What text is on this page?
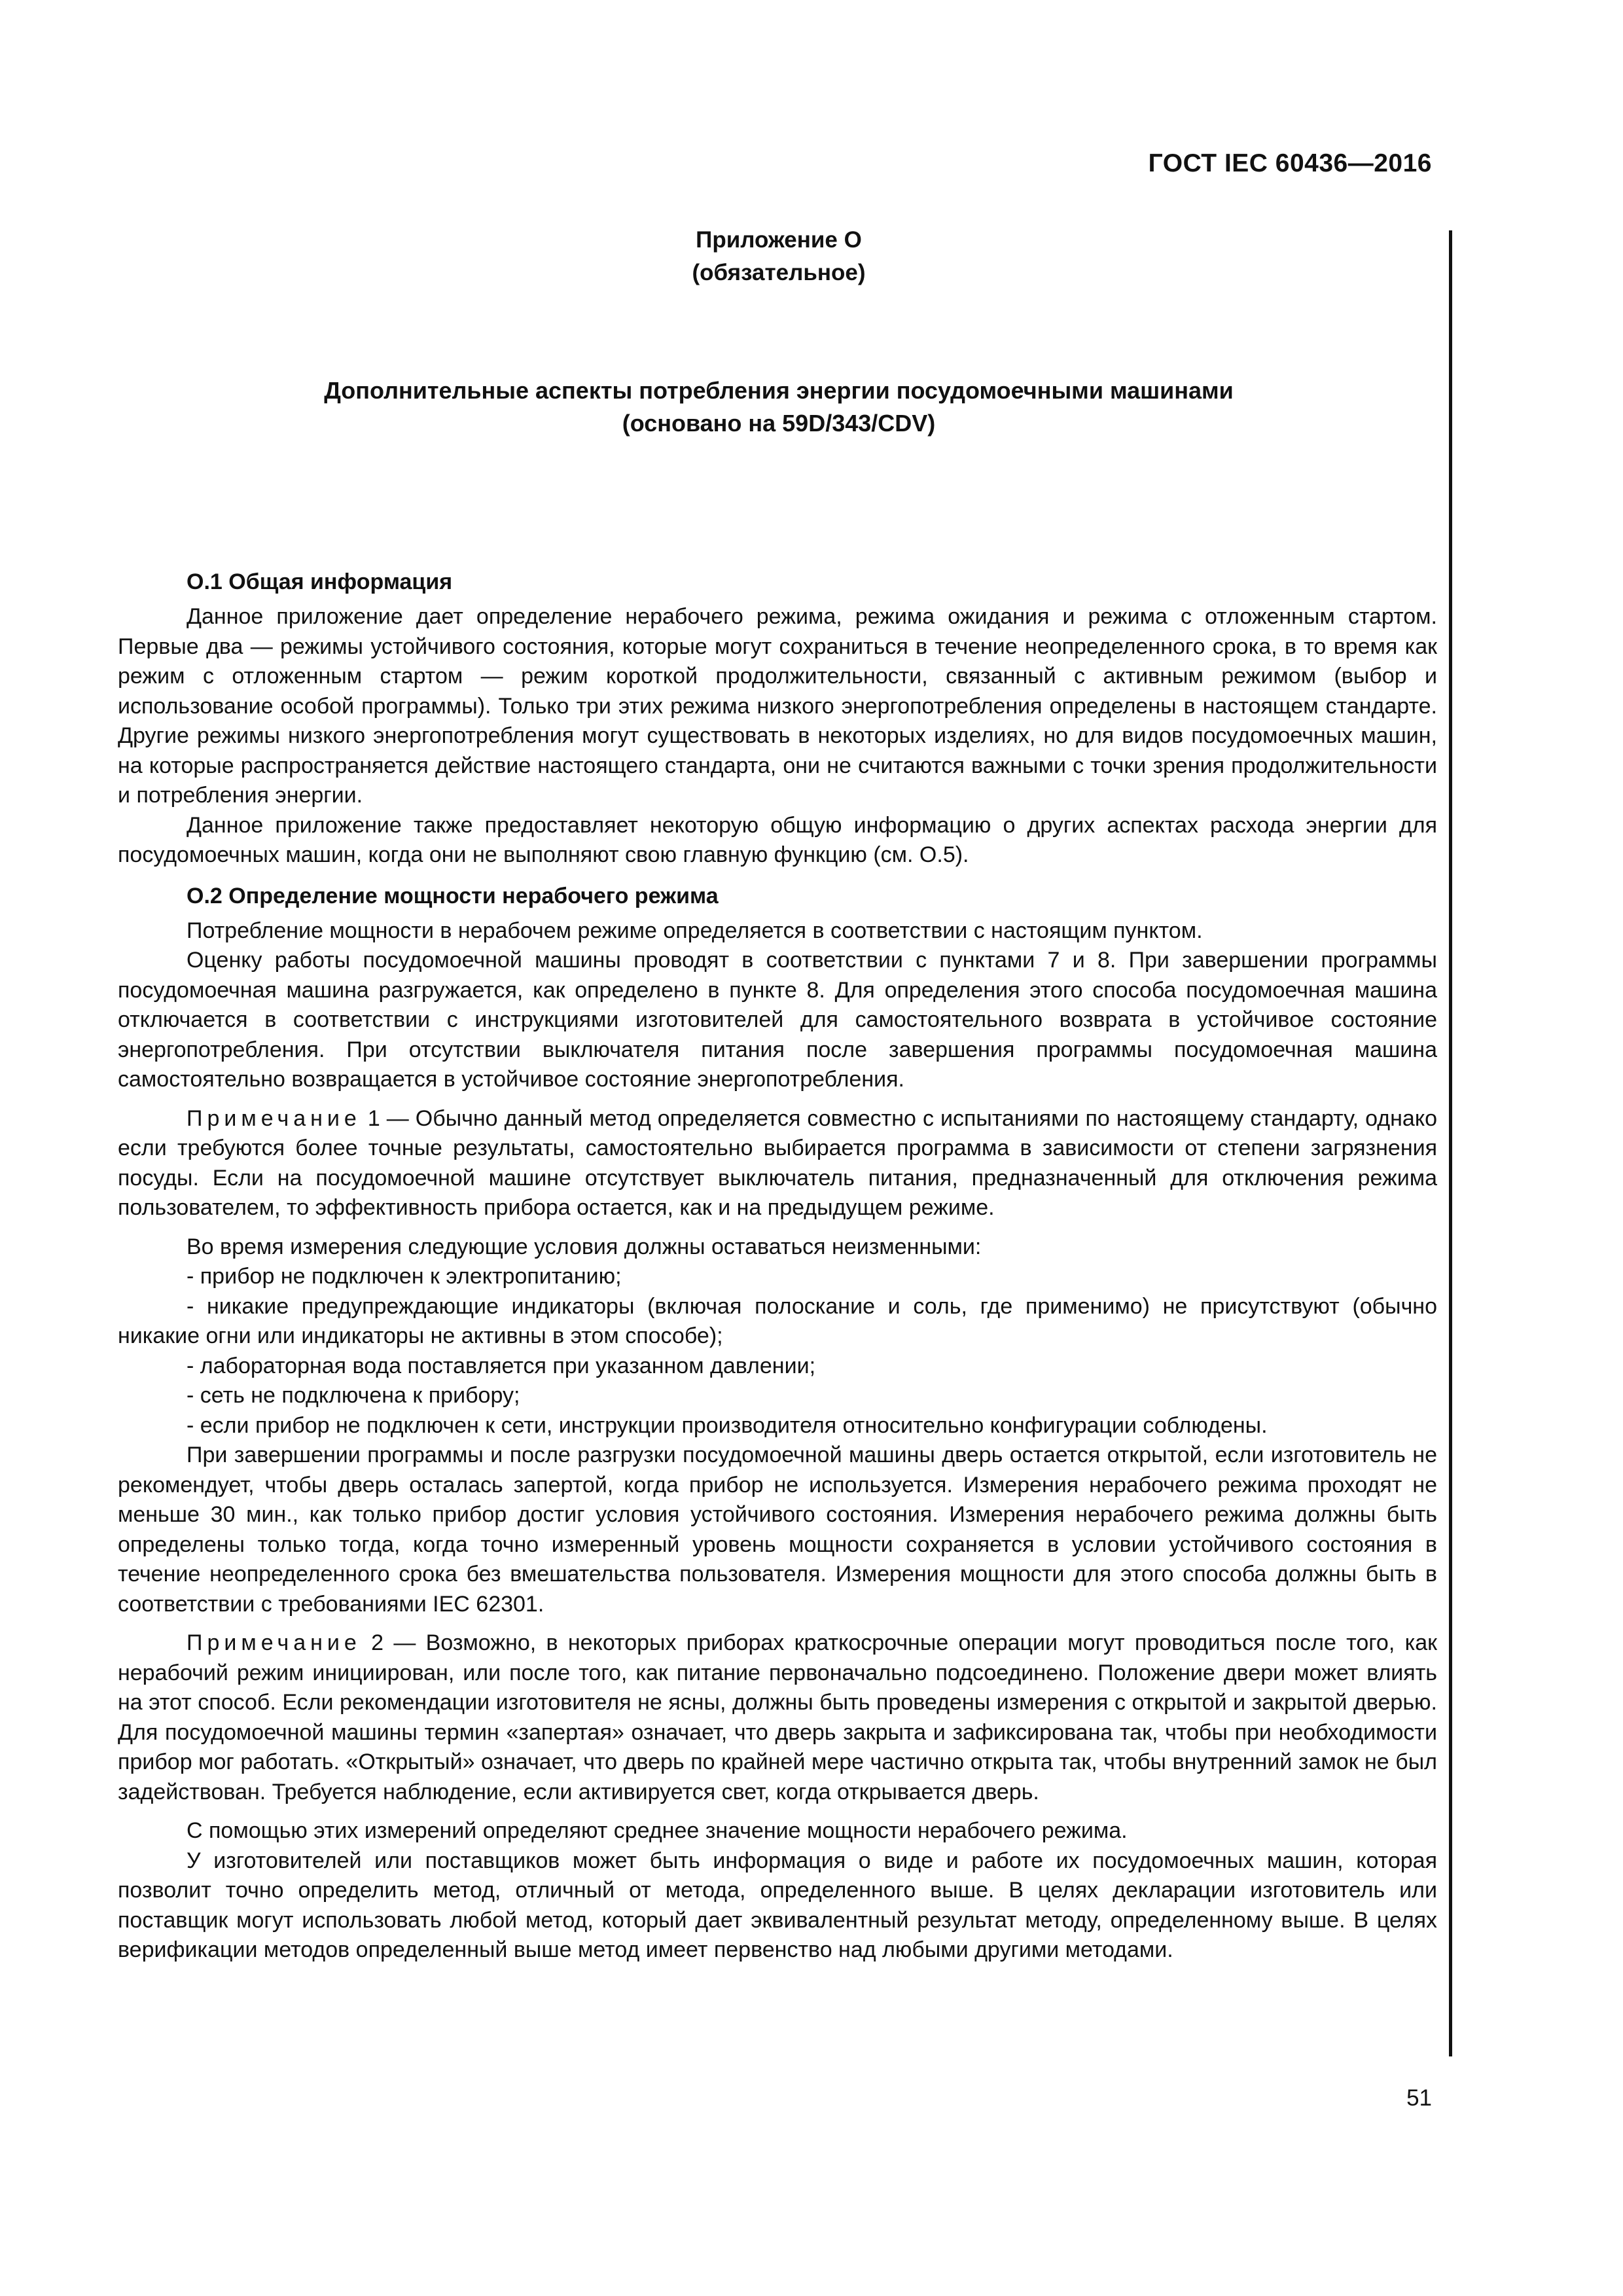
ГОСТ IEC 60436—2016
Приложение О
(обязательное)
Дополнительные аспекты потребления энергии посудомоечными машинами
(основано на 59D/343/CDV)
О.1 Общая информация

Данное приложение дает определение нерабочего режима, режима ожидания и режима с отложенным стартом. Первые два — режимы устойчивого состояния, которые могут сохраниться в течение неопределенного срока, в то время как режим с отложенным стартом — режим короткой продолжительности, связанный с активным режимом (выбор и использование особой программы). Только три этих режима низкого энергопотребления определены в настоящем стандарте. Другие режимы низкого энергопотребления могут существовать в некоторых изделиях, но для видов посудомоечных машин, на которые распространяется действие настоящего стандарта, они не считаются важными с точки зрения продолжительности и потребления энергии.

Данное приложение также предоставляет некоторую общую информацию о других аспектах расхода энергии для посудомоечных машин, когда они не выполняют свою главную функцию (см. О.5).

О.2 Определение мощности нерабочего режима

Потребление мощности в нерабочем режиме определяется в соответствии с настоящим пунктом.

Оценку работы посудомоечной машины проводят в соответствии с пунктами 7 и 8. При завершении программы посудомоечная машина разгружается, как определено в пункте 8. Для определения этого способа посудомоечная машина отключается в соответствии с инструкциями изготовителей для самостоятельного возврата в устойчивое состояние энергопотребления. При отсутствии выключателя питания после завершения программы посудомоечная машина самостоятельно возвращается в устойчивое состояние энергопотребления.

Примечание 1 — Обычно данный метод определяется совместно с испытаниями по настоящему стандарту, однако если требуются более точные результаты, самостоятельно выбирается программа в зависимости от степени загрязнения посуды. Если на посудомоечной машине отсутствует выключатель питания, предназначенный для отключения режима пользователем, то эффективность прибора остается, как и на предыдущем режиме.

Во время измерения следующие условия должны оставаться неизменными:

- прибор не подключен к электропитанию;

- никакие предупреждающие индикаторы (включая полоскание и соль, где применимо) не присутствуют (обычно никакие огни или индикаторы не активны в этом способе);

- лабораторная вода поставляется при указанном давлении;

- сеть не подключена к прибору;

- если прибор не подключен к сети, инструкции производителя относительно конфигурации соблюдены.

При завершении программы и после разгрузки посудомоечной машины дверь остается открытой, если изготовитель не рекомендует, чтобы дверь осталась запертой, когда прибор не используется. Измерения нерабочего режима проходят не меньше 30 мин., как только прибор достиг условия устойчивого состояния. Измерения нерабочего режима должны быть определены только тогда, когда точно измеренный уровень мощности сохраняется в условии устойчивого состояния в течение неопределенного срока без вмешательства пользователя. Измерения мощности для этого способа должны быть в соответствии с требованиями IEC 62301.

Примечание 2 — Возможно, в некоторых приборах краткосрочные операции могут проводиться после того, как нерабочий режим инициирован, или после того, как питание первоначально подсоединено. Положение двери может влиять на этот способ. Если рекомендации изготовителя не ясны, должны быть проведены измерения с открытой и закрытой дверью. Для посудомоечной машины термин «запертая» означает, что дверь закрыта и зафиксирована так, чтобы при необходимости прибор мог работать. «Открытый» означает, что дверь по крайней мере частично открыта так, чтобы внутренний замок не был задействован. Требуется наблюдение, если активируется свет, когда открывается дверь.

С помощью этих измерений определяют среднее значение мощности нерабочего режима.

У изготовителей или поставщиков может быть информация о виде и работе их посудомоечных машин, которая позволит точно определить метод, отличный от метода, определенного выше. В целях декларации изготовитель или поставщик могут использовать любой метод, который дает эквивалентный результат методу, определенному выше. В целях верификации методов определенный выше метод имеет первенство над любыми другими методами.

51
